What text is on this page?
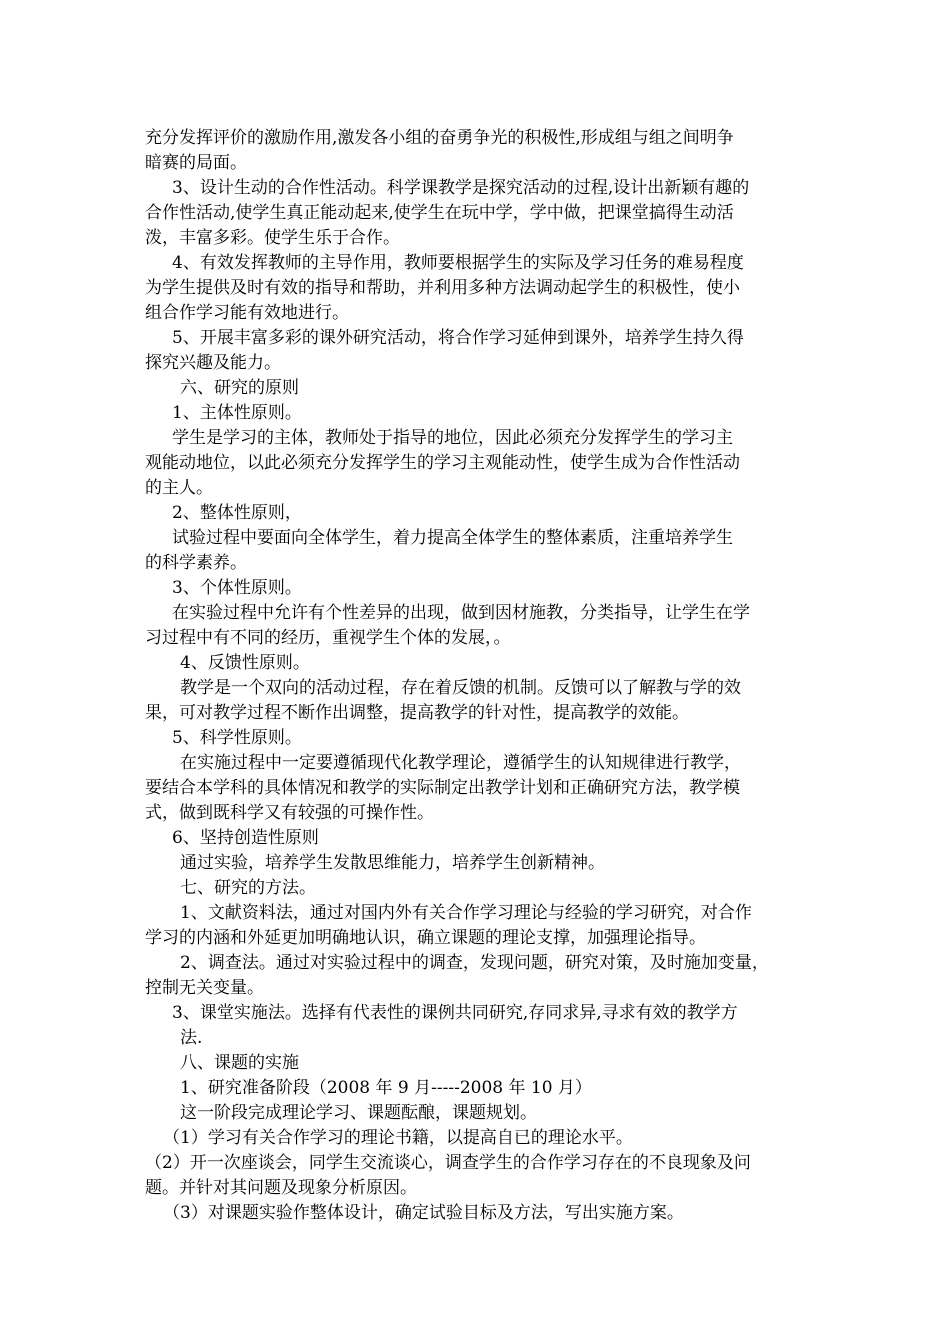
充分发挥评价的激励作用,激发各小组的奋勇争光的积极性,形成组与组之间明争
暗赛的局面。
3、设计生动的合作性活动。科学课教学是探究活动的过程,设计出新颖有趣的
合作性活动,使学生真正能动起来,使学生在玩中学，学中做，把课堂搞得生动活
泼，丰富多彩。使学生乐于合作。
4、有效发挥教师的主导作用，教师要根据学生的实际及学习任务的难易程度
为学生提供及时有效的指导和帮助，并利用多种方法调动起学生的积极性，使小
组合作学习能有效地进行。
5、开展丰富多彩的课外研究活动，将合作学习延伸到课外，培养学生持久得
探究兴趣及能力。
六、研究的原则
1、主体性原则。
学生是学习的主体，教师处于指导的地位，因此必须充分发挥学生的学习主
观能动地位，以此必须充分发挥学生的学习主观能动性，使学生成为合作性活动
的主人。
2、整体性原则，
试验过程中要面向全体学生，着力提高全体学生的整体素质，注重培养学生
的科学素养。
3、个体性原则。
在实验过程中允许有个性差异的出现，做到因材施教，分类指导，让学生在学
习过程中有不同的经历，重视学生个体的发展，。
4、反馈性原则。
教学是一个双向的活动过程，存在着反馈的机制。反馈可以了解教与学的效
果，可对教学过程不断作出调整，提高教学的针对性，提高教学的效能。
5、科学性原则。
在实施过程中一定要遵循现代化教学理论，遵循学生的认知规律进行教学，
要结合本学科的具体情况和教学的实际制定出教学计划和正确研究方法，教学模
式，做到既科学又有较强的可操作性。
6、坚持创造性原则
通过实验，培养学生发散思维能力，培养学生创新精神。
七、研究的方法。
1、文献资料法，通过对国内外有关合作学习理论与经验的学习研究，对合作
学习的内涵和外延更加明确地认识，确立课题的理论支撑，加强理论指导。
2、调查法。通过对实验过程中的调查，发现问题，研究对策，及时施加变量，
控制无关变量。
3、课堂实施法。选择有代表性的课例共同研究,存同求异,寻求有效的教学方
法.
八、课题的实施
1、研究准备阶段（2008 年 9 月-----2008 年 10 月）
这一阶段完成理论学习、课题酝酿，课题规划。
（1）学习有关合作学习的理论书籍，以提高自已的理论水平。
（2）开一次座谈会，同学生交流谈心，调查学生的合作学习存在的不良现象及问
题。并针对其问题及现象分析原因。
（3）对课题实验作整体设计，确定试验目标及方法，写出实施方案。
